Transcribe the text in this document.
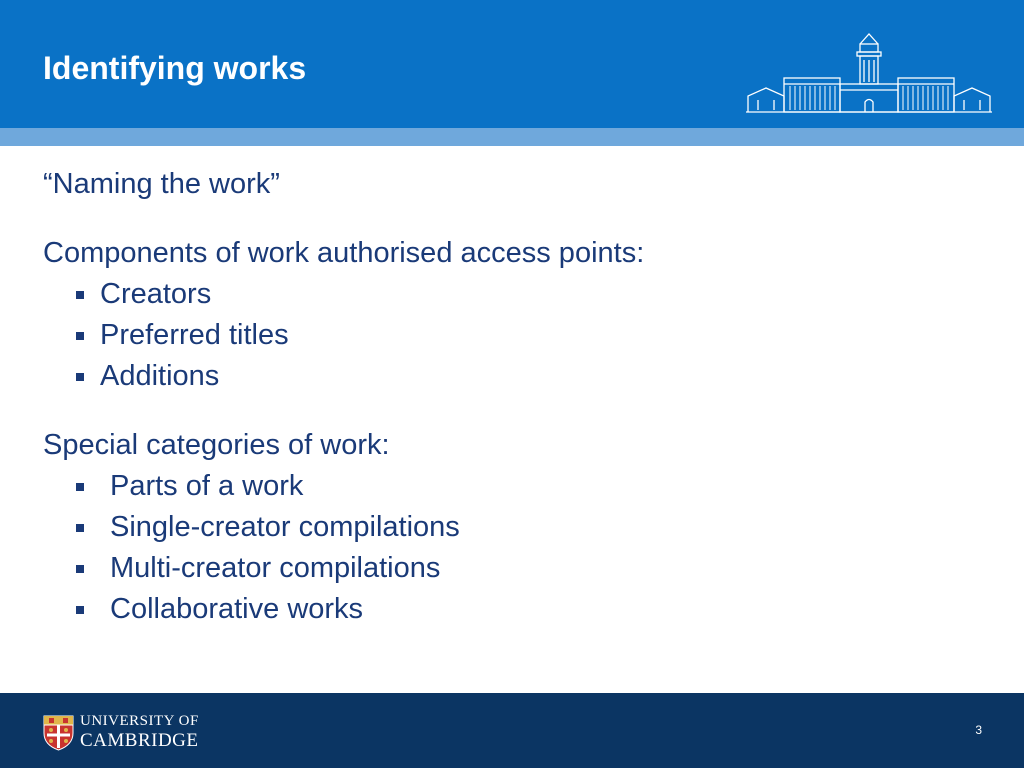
Identifying works

“Naming the work”

Components of work authorised access points:

Creators
Preferred titles
Additions

Special categories of work:

Parts of a work
Single-creator compilations
Multi-creator compilations
Collaborative works
UNIVERSITY OF
CAMBRIDGE	3
